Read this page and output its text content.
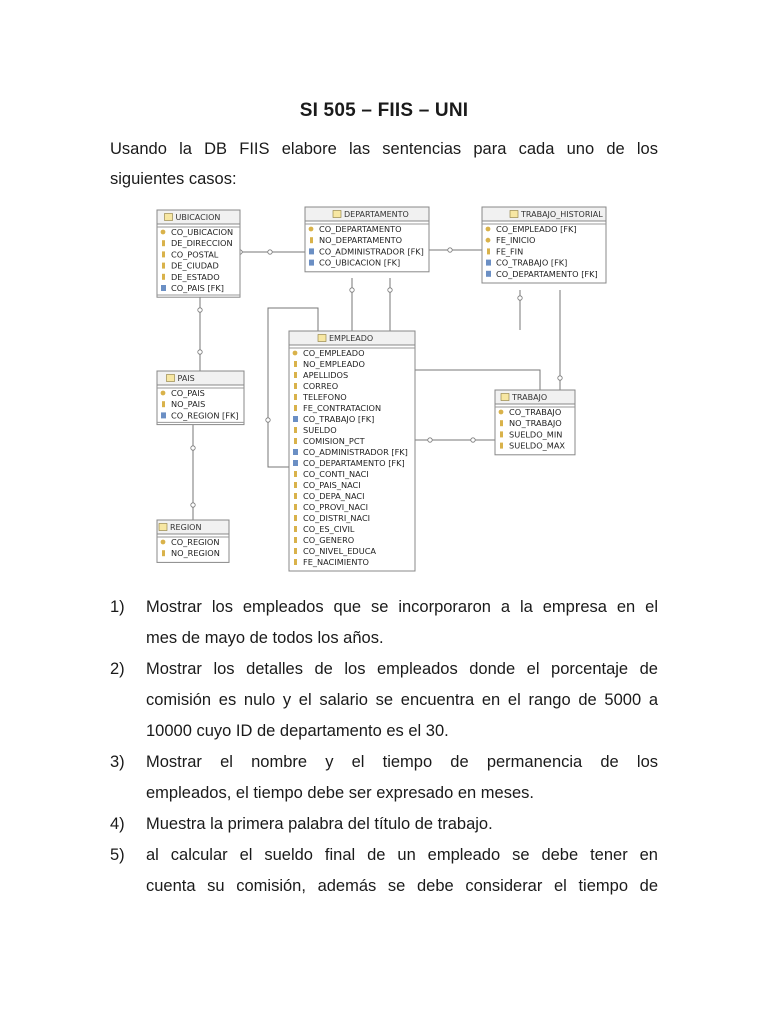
SI 505 – FIIS – UNI
Usando la DB FIIS elabore las sentencias para cada uno de los
siguientes casos:
UBICACION
CO_UBICACION
DE_DIRECCION
CO_POSTAL
DE_CIUDAD
DE_ESTADO
CO_PAIS [FK]
DEPARTAMENTO
CO_DEPARTAMENTO
NO_DEPARTAMENTO
CO_ADMINISTRADOR [FK]
CO_UBICACION [FK]
TRABAJO_HISTORIAL
CO_EMPLEADO [FK]
FE_INICIO
FE_FIN
CO_TRABAJO [FK]
CO_DEPARTAMENTO [FK]
PAIS
CO_PAIS
NO_PAIS
CO_REGION [FK]
EMPLEADO
CO_EMPLEADO
NO_EMPLEADO
APELLIDOS
CORREO
TELEFONO
FE_CONTRATACION
CO_TRABAJO [FK]
SUELDO
COMISION_PCT
CO_ADMINISTRADOR [FK]
CO_DEPARTAMENTO [FK]
CO_CONTI_NACI
CO_PAIS_NACI
CO_DEPA_NACI
CO_PROVI_NACI
CO_DISTRI_NACI
CO_ES_CIVIL
CO_GENERO
CO_NIVEL_EDUCA
FE_NACIMIENTO
TRABAJO
CO_TRABAJO
NO_TRABAJO
SUELDO_MIN
SUELDO_MAX
REGION
CO_REGION
NO_REGION
1) Mostrar los empleados que se incorporaron a la empresa en el
mes de mayo de todos los años.
2) Mostrar los detalles de los empleados donde el porcentaje de
comisión es nulo y el salario se encuentra en el rango de 5000 a
10000 cuyo ID de departamento es el 30.
3) Mostrar el nombre y el tiempo de permanencia de los
empleados, el tiempo debe ser expresado en meses.
4) Muestra la primera palabra del título de trabajo.
5) al calcular el sueldo final de un empleado se debe tener en
cuenta su comisión, además se debe considerar el tiempo de
